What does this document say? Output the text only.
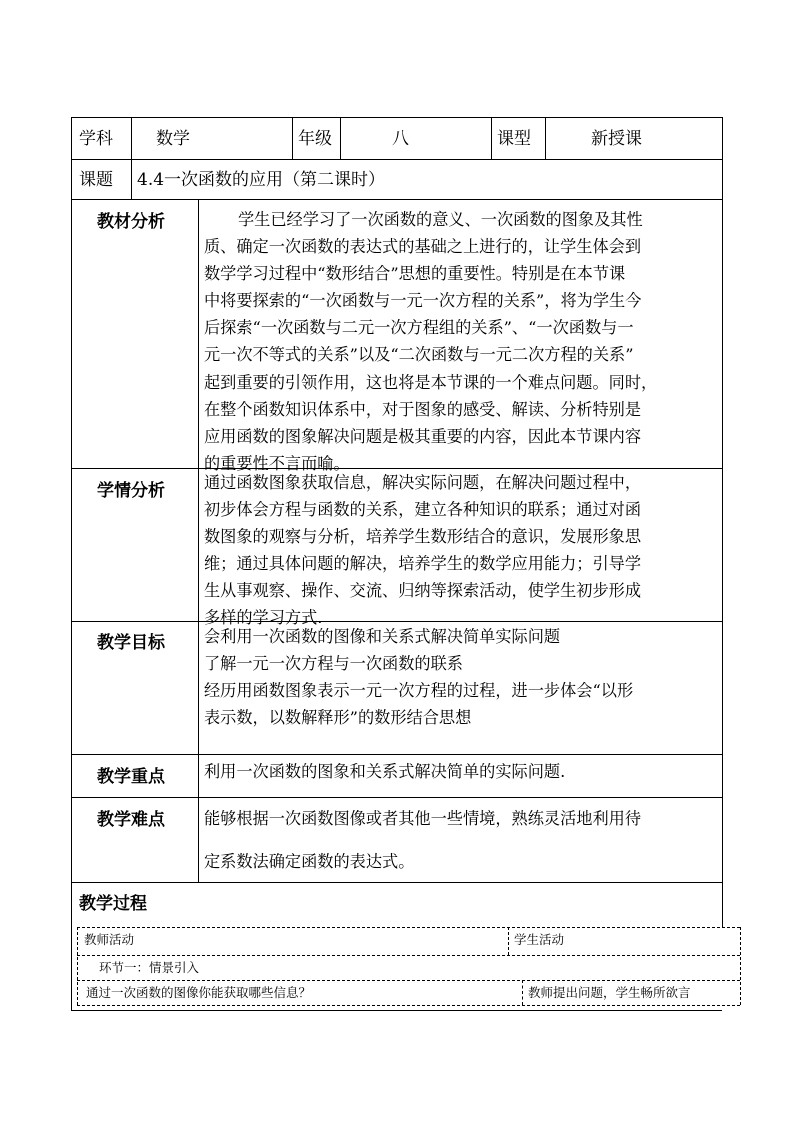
学科	数学	年级	八	课型	新授课
课题 4.4一次函数的应用（第二课时）
教材分析	学生已经学习了一次函数的意义、一次函数的图象及其性
质、确定一次函数的表达式的基础之上进行的，让学生体会到
数学学习过程中“数形结合”思想的重要性。特别是在本节课
中将要探索的“一次函数与一元一次方程的关系”，将为学生今
后探索“一次函数与二元一次方程组的关系”、“一次函数与一
元一次不等式的关系”以及“二次函数与一元二次方程的关系”
起到重要的引领作用，这也将是本节课的一个难点问题。同时，
在整个函数知识体系中，对于图象的感受、解读、分析特别是
应用函数的图象解决问题是极其重要的内容，因此本节课内容
的重要性不言而喻。
学情分析 通过函数图象获取信息，解决实际问题，在解决问题过程中，
初步体会方程与函数的关系，建立各种知识的联系；通过对函
数图象的观察与分析，培养学生数形结合的意识，发展形象思
维；通过具体问题的解决，培养学生的数学应用能力；引导学
生从事观察、操作、交流、归纳等探索活动，使学生初步形成
多样的学习方式.
教学目标 会利用一次函数的图像和关系式解决简单实际问题
了解一元一次方程与一次函数的联系
经历用函数图象表示一元一次方程的过程，进一步体会“以形
表示数，以数解释形”的数形结合思想
教学重点 利用一次函数的图象和关系式解决简单的实际问题.
教学难点 能够根据一次函数图像或者其他一些情境，熟练灵活地利用待
定系数法确定函数的表达式。
教学过程
教师活动	学生活动
环节一：情景引入
通过一次函数的图像你能获取哪些信息？	教师提出问题，学生畅所欲言
